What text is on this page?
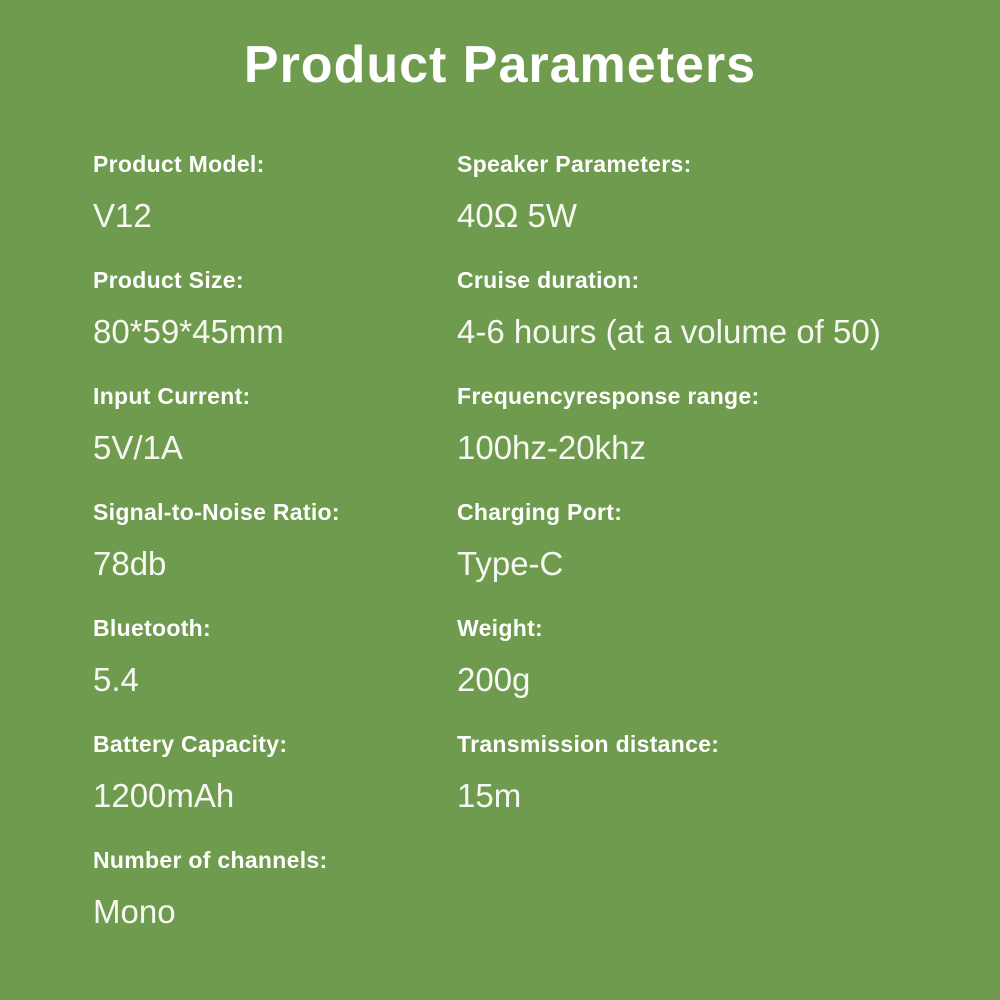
Product Parameters
Product Model:
V12
Product Size:
80*59*45mm
Input Current:
5V/1A
Signal-to-Noise Ratio:
78db
Bluetooth:
5.4
Battery Capacity:
1200mAh
Number of channels:
Mono
Speaker Parameters:
40Ω 5W
Cruise duration:
4-6 hours (at a volume of 50)
Frequencyresponse range:
100hz-20khz
Charging Port:
Type-C
Weight:
200g
Transmission distance:
15m
